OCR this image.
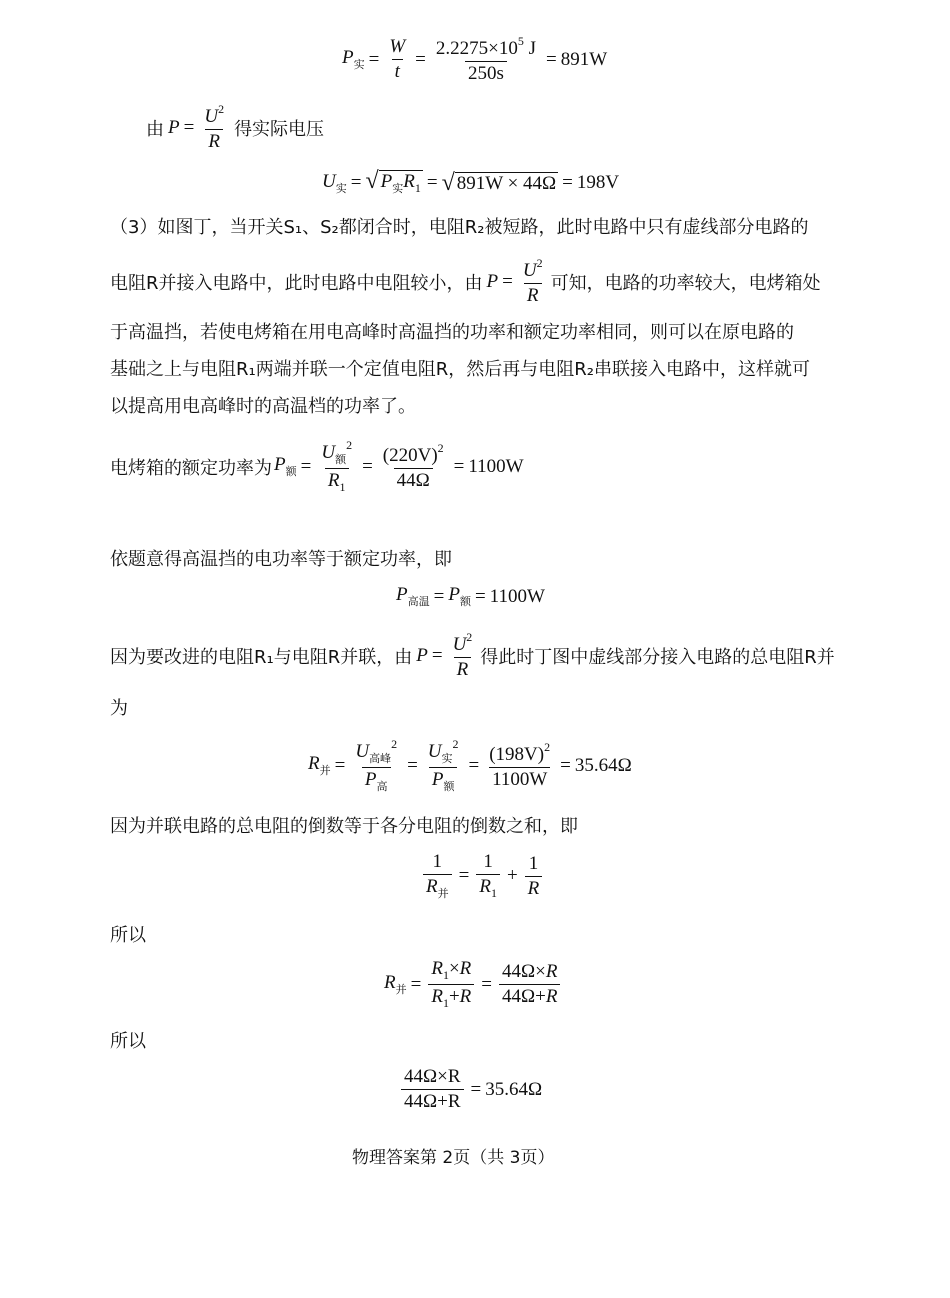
$P_实 = \frac{W}{t} = \frac{2.2275\times 10^5 J}{250s} = 891W$
由 $P = \frac{U^2}{R}$ 得实际电压
$U_实$ = √ $P_实R_1$ = √ 891W × 44Ω = 198V
（3）如图丁，当开关S₁、S₂都闭合时，电阻R₂被短路，此时电路中只有虚线部分电路的
电阻R并接入电路中，此时电路中电阻较小，由 $P = \frac{U^2}{R}$ 可知，电路的功率较大，电烤箱处
于高温挡，若使电烤箱在用电高峰时高温挡的功率和额定功率相同，则可以在原电路的
基础之上与电阻R₁两端并联一个定值电阻R，然后再与电阻R₂串联接入电路中，这样就可
以提高用电高峰时的高温档的功率了。
电烤箱的额定功率为 $P_额 = \frac{U_额^2}{R_1} = \frac{(220V)^2}{44\Omega} = 1100W$
依题意得高温挡的电功率等于额定功率，即
$P_{高温} = P_额 = 1100W$
因为要改进的电阻R₁与电阻R并联，由 $P = \frac{U^2}{R}$ 得此时丁图中虚线部分接入电路的总电阻R并
为
$R_并 = \frac{U_{高峰}^2}{P_高} = \frac{U_实^2}{P_额} = \frac{(198V)^2}{1100W} = 35.64\Omega$
因为并联电路的总电阻的倒数等于各分电阻的倒数之和，即
$\frac{1}{R_并} = \frac{1}{R_1} + \frac{1}{R}$
所以
$R_并 = \frac{R_1\times R}{R_1+R} = \frac{44\Omega\times R}{44\Omega+R}$
所以
$\frac{44\Omega\times R}{44\Omega+R} = 35.64\Omega$
物理答案第 2页（共 3页）
